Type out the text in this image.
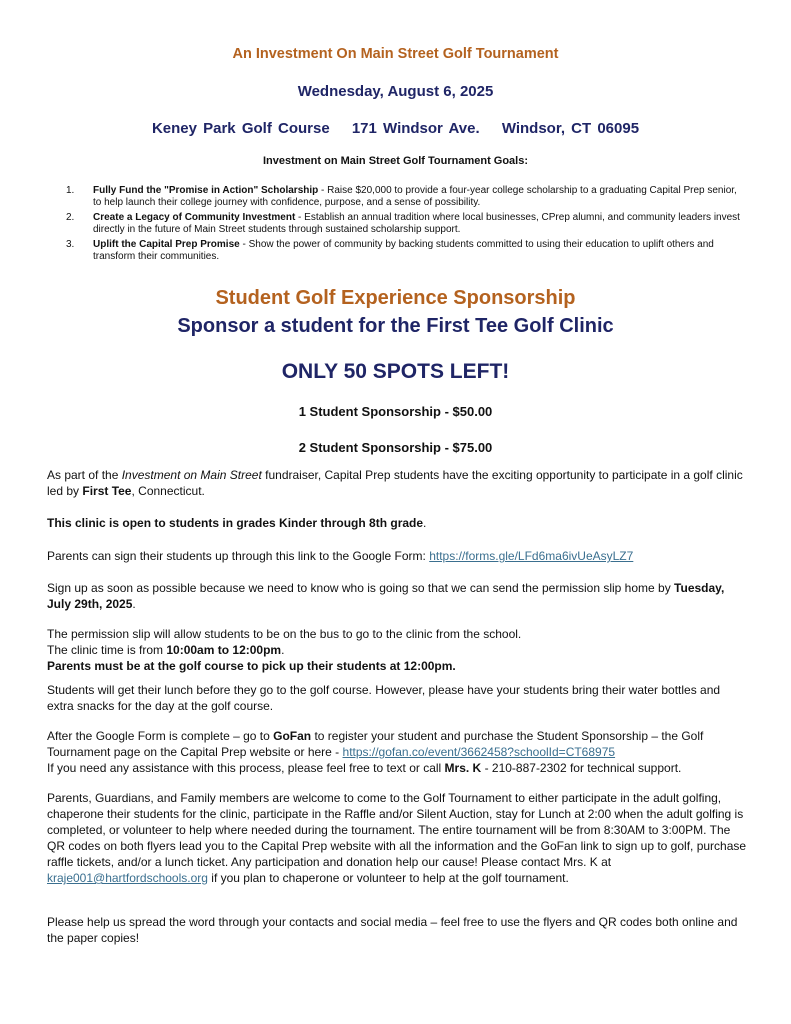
An Investment On Main Street Golf Tournament
Wednesday, August 6, 2025
Keney Park Golf Course 171 Windsor Ave. Windsor, CT 06095
Investment on Main Street Golf Tournament Goals:
1. Fully Fund the "Promise in Action" Scholarship - Raise $20,000 to provide a four-year college scholarship to a graduating Capital Prep senior, to help launch their college journey with confidence, purpose, and a sense of possibility.
2. Create a Legacy of Community Investment - Establish an annual tradition where local businesses, CPrep alumni, and community leaders invest directly in the future of Main Street students through sustained scholarship support.
3. Uplift the Capital Prep Promise - Show the power of community by backing students committed to using their education to uplift others and transform their communities.
Student Golf Experience Sponsorship
Sponsor a student for the First Tee Golf Clinic
ONLY 50 SPOTS LEFT!
1 Student Sponsorship - $50.00
2 Student Sponsorship - $75.00
As part of the Investment on Main Street fundraiser, Capital Prep students have the exciting opportunity to participate in a golf clinic led by First Tee, Connecticut.
This clinic is open to students in grades Kinder through 8th grade.
Parents can sign their students up through this link to the Google Form: https://forms.gle/LFd6ma6ivUeAsyLZ7
Sign up as soon as possible because we need to know who is going so that we can send the permission slip home by Tuesday, July 29th, 2025.
The permission slip will allow students to be on the bus to go to the clinic from the school.
The clinic time is from 10:00am to 12:00pm.
Parents must be at the golf course to pick up their students at 12:00pm.
Students will get their lunch before they go to the golf course. However, please have your students bring their water bottles and extra snacks for the day at the golf course.
After the Google Form is complete – go to GoFan to register your student and purchase the Student Sponsorship – the Golf Tournament page on the Capital Prep website or here - https://gofan.co/event/3662458?schoolId=CT68975
If you need any assistance with this process, please feel free to text or call Mrs. K - 210-887-2302 for technical support.
Parents, Guardians, and Family members are welcome to come to the Golf Tournament to either participate in the adult golfing, chaperone their students for the clinic, participate in the Raffle and/or Silent Auction, stay for Lunch at 2:00 when the adult golfing is completed, or volunteer to help where needed during the tournament. The entire tournament will be from 8:30AM to 3:00PM. The QR codes on both flyers lead you to the Capital Prep website with all the information and the GoFan link to sign up to golf, purchase raffle tickets, and/or a lunch ticket. Any participation and donation help our cause! Please contact Mrs. K at kraje001@hartfordschools.org if you plan to chaperone or volunteer to help at the golf tournament.
Please help us spread the word through your contacts and social media – feel free to use the flyers and QR codes both online and the paper copies!
